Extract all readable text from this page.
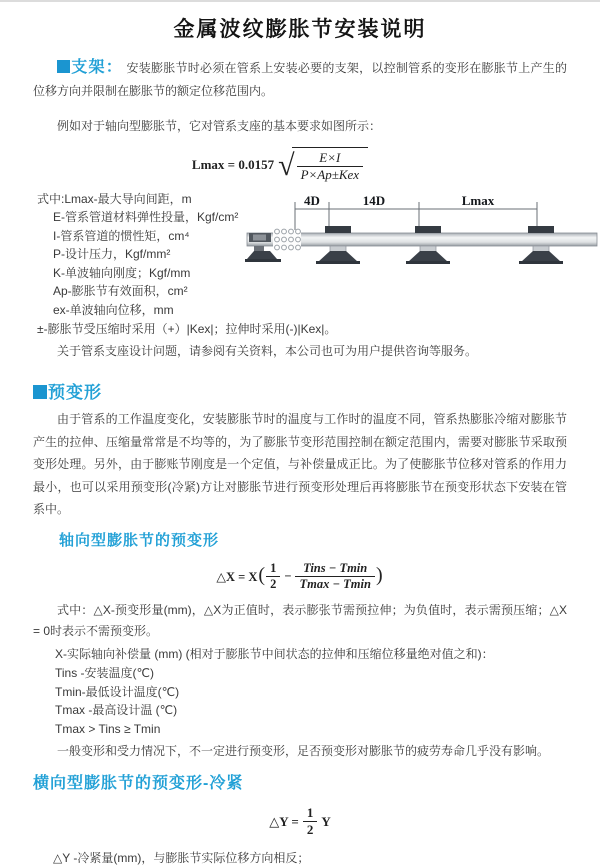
金属波纹膨胀节安装说明

支架： 安装膨胀节时必须在管系上安装必要的支架，以控制管系的变形在膨胀节上产生的位移方向并限制在膨胀节的额定位移范围内。

例如对于轴向型膨胀节，它对管系支座的基本要求如图所示：

Lmax = 0.0157 √ $\frac{E\times I}{\text{P×Ap±Kex}}$
式中:Lmax-最大导向间距，m
E-管系管道材料弹性投量，Kgf/cm²
I-管系管道的惯性矩，cm⁴
P-设计压力，Kgf/mm²
K-单波轴向刚度；Kgf/mm
Ap-膨胀节有效面积，cm²
ex-单波轴向位移，mm
±-膨胀节受压缩时采用（+）|Kex|；拉伸时采用(-)|Kex|。

关于管系支座设计问题，请参阅有关资料，本公司也可为用户提供咨询等服务。

预变形

由于管系的工作温度变化，安装膨胀节时的温度与工作时的温度不同，管系热膨胀冷缩对膨胀节产生的拉伸、压缩量常常是不均等的，为了膨胀节变形范围控制在额定范围内，需要对膨胀节采取预变形处理。另外，由于膨账节刚度是一个定值，与补偿量成正比。为了使膨胀节位移对管系的作用力最小，也可以采用预变形(冷紧)方让对膨胀节进行预变形处理后再将膨胀节在预变形状态下安装在管系中。

轴向型膨胀节的预变形
△X = X ( $\frac{1}{2} - \frac{\text{Tins − Tmin}}{Tmax - Tmin}$ )

式中：△X-预变形量(mm)，△X为正值时，表示膨张节需预拉伸；为负值时，表示需预压缩；△X = 0时表示不需预变形。

X-实际轴向补偿量 (mm) (相对于膨胀节中间状态的拉伸和压缩位移量绝对值之和)：
Tins -安装温度(℃)
Tmin-最低设计温度(℃)
Tmax -最高设计温 (℃)
Tmax > Tins ≥ Tmin

一般变形和受力情况下，不一定进行预变形，足否预变形对膨胀节的疲劳寿命几乎没有影响。

横向型膨胀节的预变形-冷紧
△Y = $\frac{1}{2}$ Y
△Y -冷紧量(mm)，与膨胀节实际位移方向相反；
4D	14D	Lmax
